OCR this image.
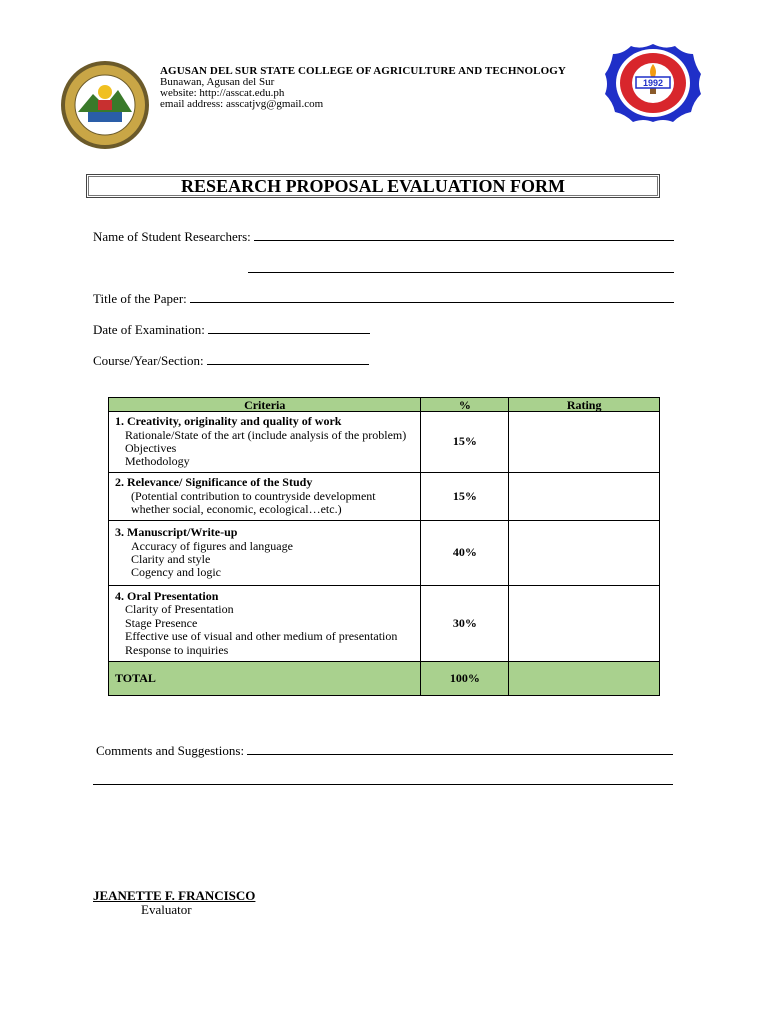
AGUSAN DEL SUR STATE COLLEGE OF AGRICULTURE AND TECHNOLOGY
Bunawan, Agusan del Sur
website: http://asscat.edu.ph
email address: asscatjvg@gmail.com
1992
RESEARCH PROPOSAL EVALUATION FORM
Name of Student Researchers:
Title of the Paper:
Date of Examination:
Course/Year/Section:
Criteria	%	Rating

1. Creativity, originality and quality of work
Rationale/State of the art (include analysis of the problem)
Objectives
Methodology	15%	

2. Relevance/ Significance of the Study
(Potential contribution to countryside development
whether social, economic, ecological…etc.)	15%	

3. Manuscript/Write-up
Accuracy of figures and language
Clarity and style
Cogency and logic	40%	

4. Oral Presentation
Clarity of Presentation
Stage Presence
Effective use of visual and other medium of presentation
Response to inquiries	30%	
TOTAL	100%	
Comments and Suggestions:
JEANETTE F. FRANCISCO
Evaluator
